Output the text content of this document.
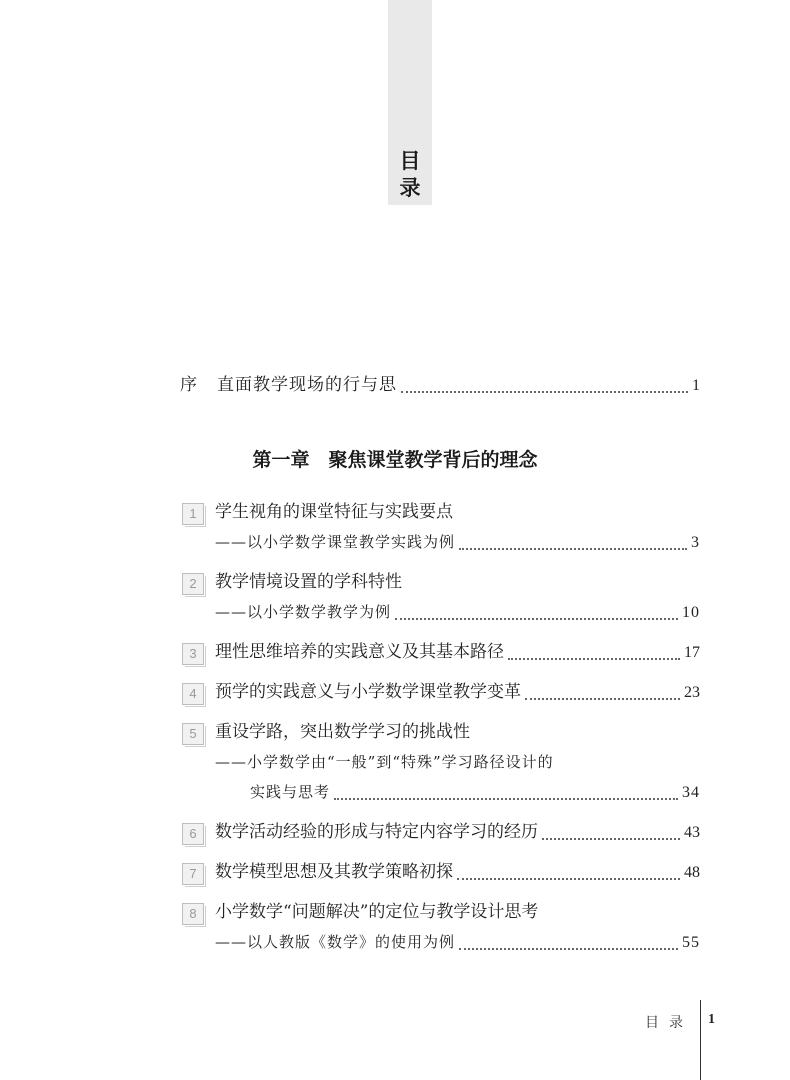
目
录
序 直面教学现场的行与思	1
第一章　聚焦课堂教学背后的理念
1	学生视角的课堂特征与实践要点
——以小学数学课堂教学实践为例	3
2	教学情境设置的学科特性
——以小学数学教学为例	10
3	理性思维培养的实践意义及其基本路径	17
4	预学的实践意义与小学数学课堂教学变革	23
5	重设学路，突出数学学习的挑战性
——小学数学由“一般”到“特殊”学习路径设计的
实践与思考	34
6	数学活动经验的形成与特定内容学习的经历	43
7	数学模型思想及其教学策略初探	48
8	小学数学“问题解决”的定位与教学设计思考
——以人教版《数学》的使用为例	55
目录 1
